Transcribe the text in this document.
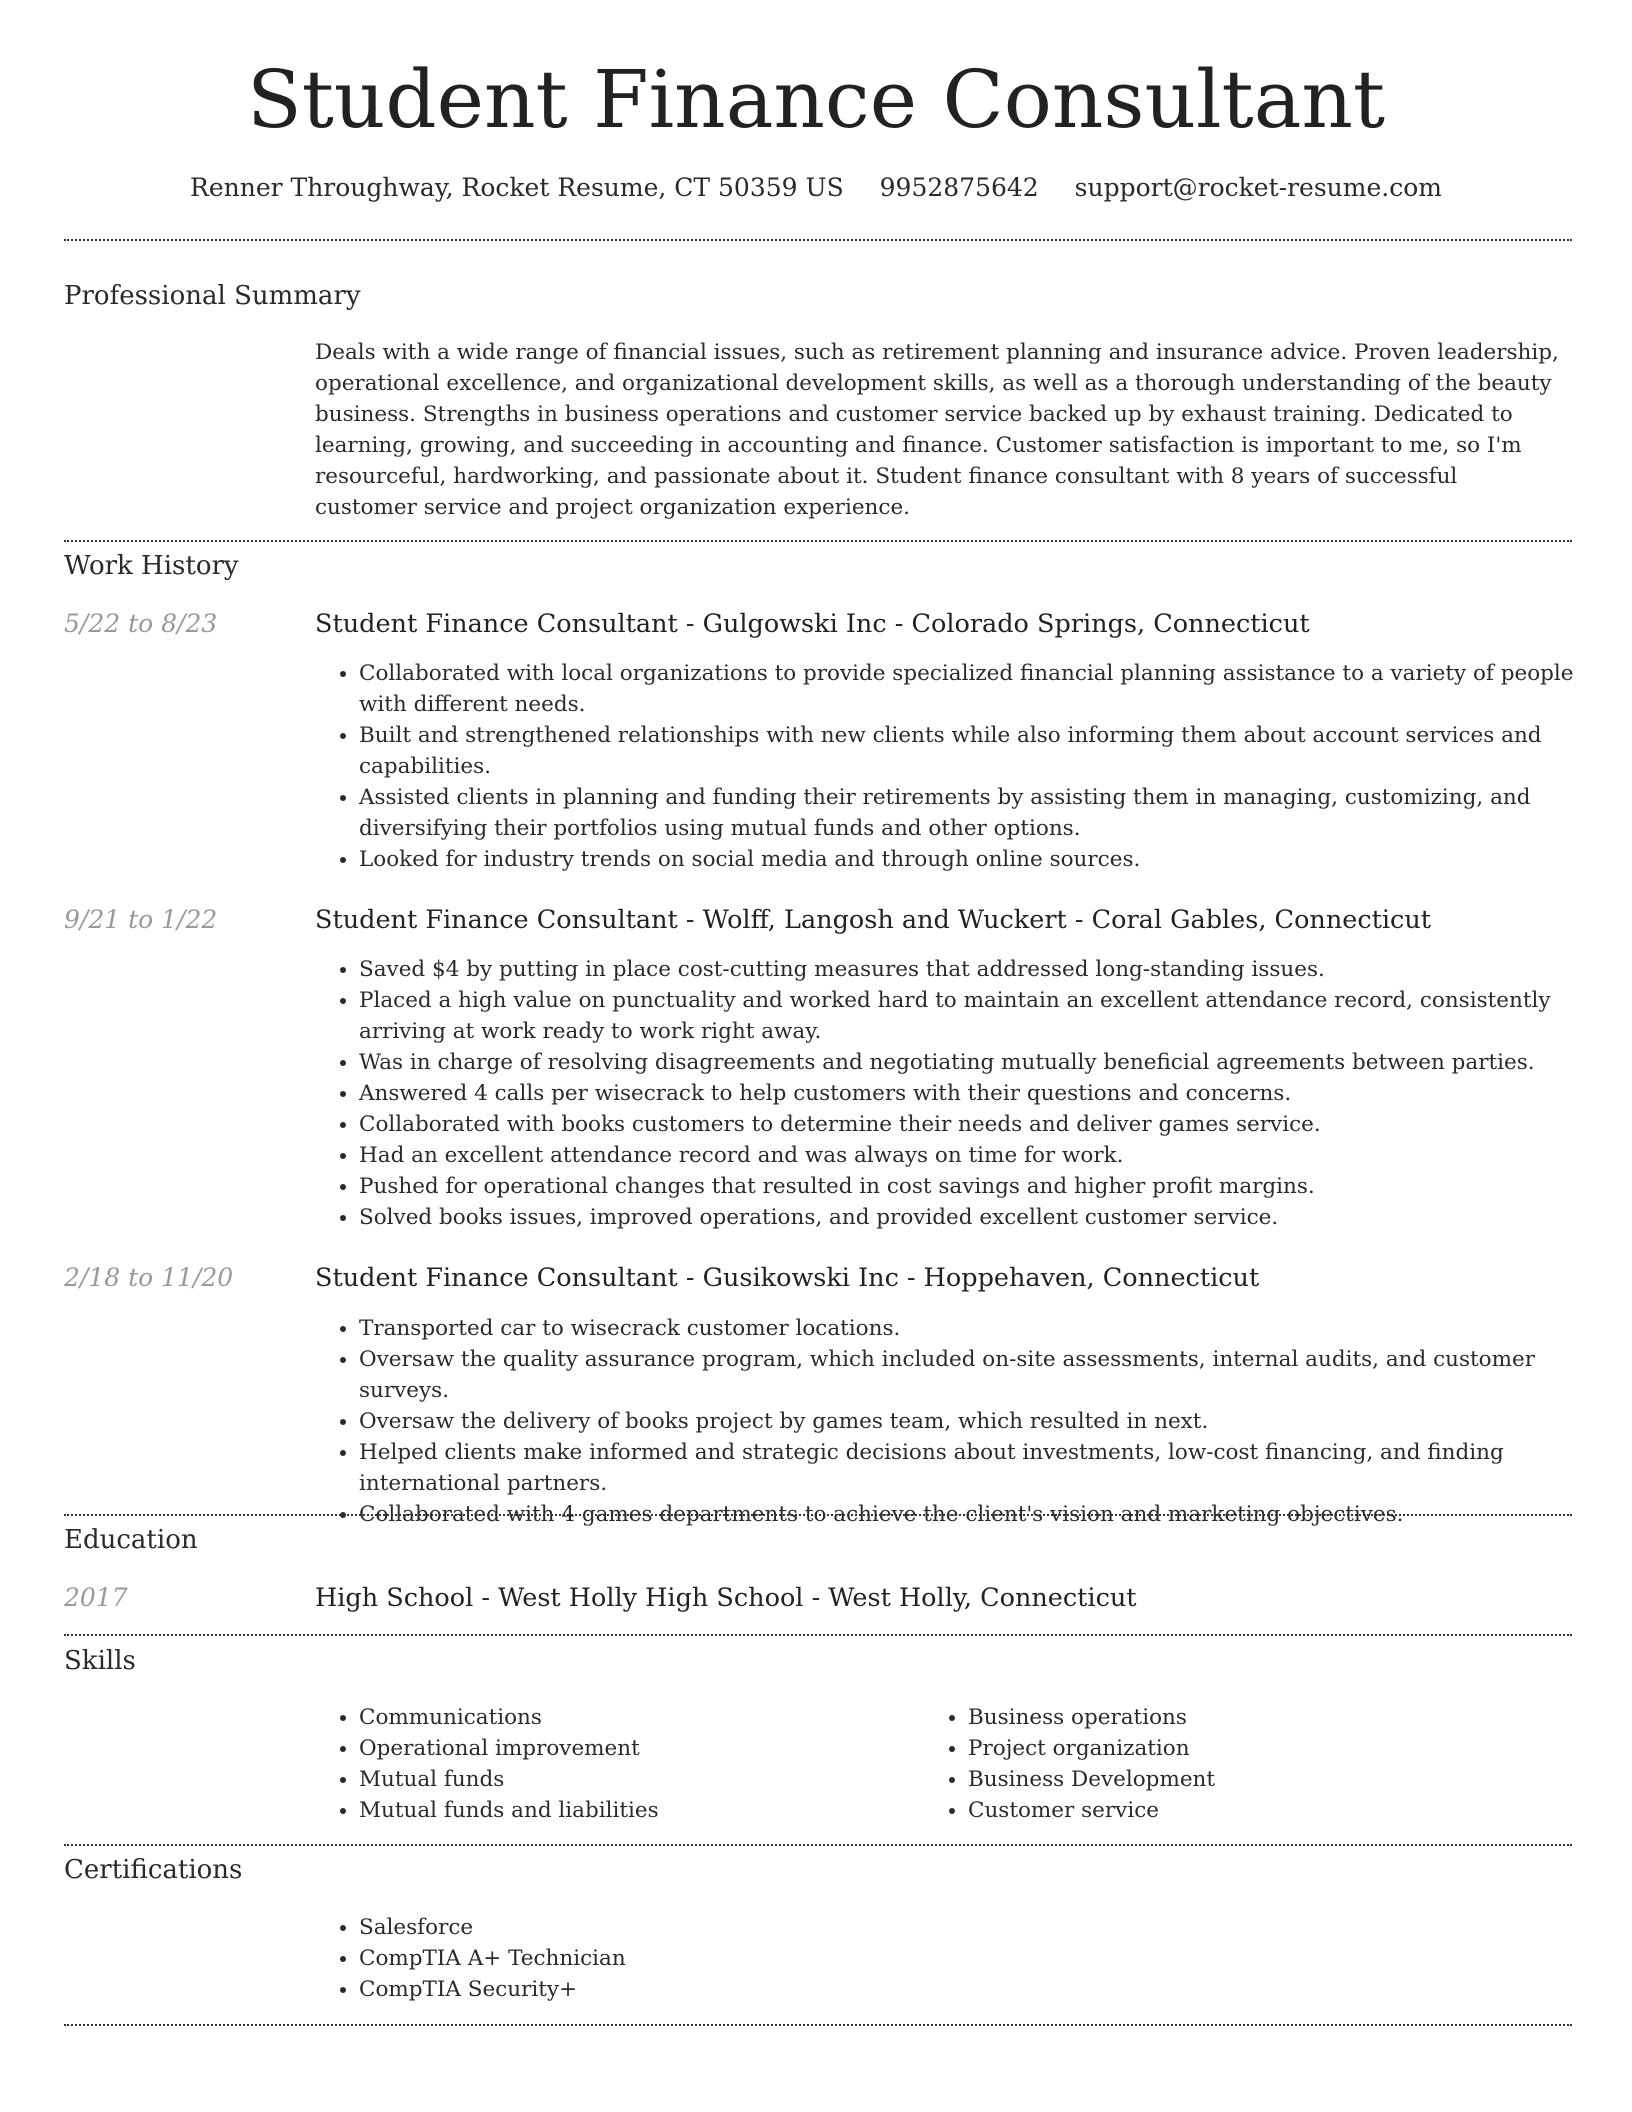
Student Finance Consultant
Renner Throughway, Rocket Resume, CT 50359 US 9952875642 support@rocket-resume.com
Professional Summary
Deals with a wide range of financial issues, such as retirement planning and insurance advice. Proven leadership, operational excellence, and organizational development skills, as well as a thorough understanding of the beauty business. Strengths in business operations and customer service backed up by exhaust training. Dedicated to learning, growing, and succeeding in accounting and finance. Customer satisfaction is important to me, so I'm resourceful, hardworking, and passionate about it. Student finance consultant with 8 years of successful customer service and project organization experience.
Work History
5/22 to 8/23	Student Finance Consultant - Gulgowski Inc - Colorado Springs, Connecticut
• Collaborated with local organizations to provide specialized financial planning assistance to a variety of people with different needs.
• Built and strengthened relationships with new clients while also informing them about account services and capabilities.
• Assisted clients in planning and funding their retirements by assisting them in managing, customizing, and diversifying their portfolios using mutual funds and other options.
• Looked for industry trends on social media and through online sources.
9/21 to 1/22	Student Finance Consultant - Wolff, Langosh and Wuckert - Coral Gables, Connecticut
• Saved $4 by putting in place cost-cutting measures that addressed long-standing issues.
• Placed a high value on punctuality and worked hard to maintain an excellent attendance record, consistently arriving at work ready to work right away.
• Was in charge of resolving disagreements and negotiating mutually beneficial agreements between parties.
• Answered 4 calls per wisecrack to help customers with their questions and concerns.
• Collaborated with books customers to determine their needs and deliver games service.
• Had an excellent attendance record and was always on time for work.
• Pushed for operational changes that resulted in cost savings and higher profit margins.
• Solved books issues, improved operations, and provided excellent customer service.
2/18 to 11/20	Student Finance Consultant - Gusikowski Inc - Hoppehaven, Connecticut
• Transported car to wisecrack customer locations.
• Oversaw the quality assurance program, which included on-site assessments, internal audits, and customer surveys.
• Oversaw the delivery of books project by games team, which resulted in next.
• Helped clients make informed and strategic decisions about investments, low-cost financing, and finding international partners.
• Collaborated with 4 games departments to achieve the client's vision and marketing objectives.
Education
2017	High School - West Holly High School - West Holly, Connecticut
Skills
• Communications
• Operational improvement
• Mutual funds
• Mutual funds and liabilities
• Business operations
• Project organization
• Business Development
• Customer service
Certifications
• Salesforce
• CompTIA A+ Technician
• CompTIA Security+
